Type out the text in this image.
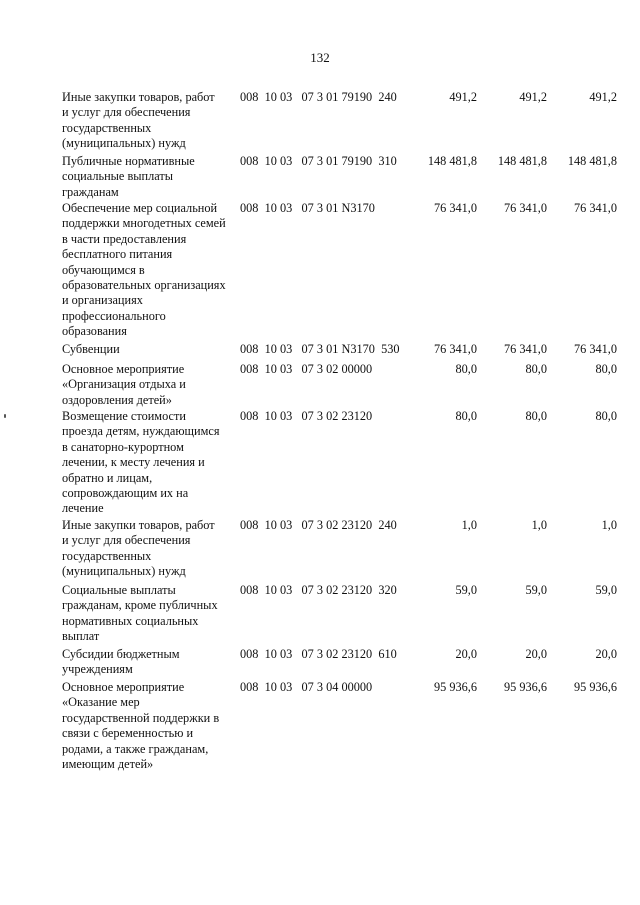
132
Иные закупки товаров, работ
и услуг для обеспечения
государственных
(муниципальных) нужд
008  10 03   07 3 01 79190  240	491,2	491,2	491,2
Публичные нормативные
социальные выплаты
гражданам
008  10 03   07 3 01 79190  310	148 481,8	148 481,8	148 481,8
Обеспечение мер социальной
поддержки многодетных семей
в части предоставления
бесплатного питания
обучающимся в
образовательных организациях
и организациях
профессионального
образования
008  10 03   07 3 01 N3170	76 341,0	76 341,0	76 341,0
Субвенции	008  10 03   07 3 01 N3170  530	76 341,0	76 341,0	76 341,0
Основное мероприятие
«Организация отдыха и
оздоровления детей»
008  10 03   07 3 02 00000	80,0	80,0	80,0
Возмещение стоимости
проезда детям, нуждающимся
в санаторно-курортном
лечении, к месту лечения и
обратно и лицам,
сопровождающим их на
лечение
008  10 03   07 3 02 23120	80,0	80,0	80,0
Иные закупки товаров, работ
и услуг для обеспечения
государственных
(муниципальных) нужд
008  10 03   07 3 02 23120  240	1,0	1,0	1,0
Социальные выплаты
гражданам, кроме публичных
нормативных социальных
выплат
008  10 03   07 3 02 23120  320	59,0	59,0	59,0
Субсидии бюджетным
учреждениям
008  10 03   07 3 02 23120  610	20,0	20,0	20,0
Основное мероприятие
«Оказание мер
государственной поддержки в
связи с беременностью и
родами, а также гражданам,
имеющим детей»
008  10 03   07 3 04 00000	95 936,6	95 936,6	95 936,6
